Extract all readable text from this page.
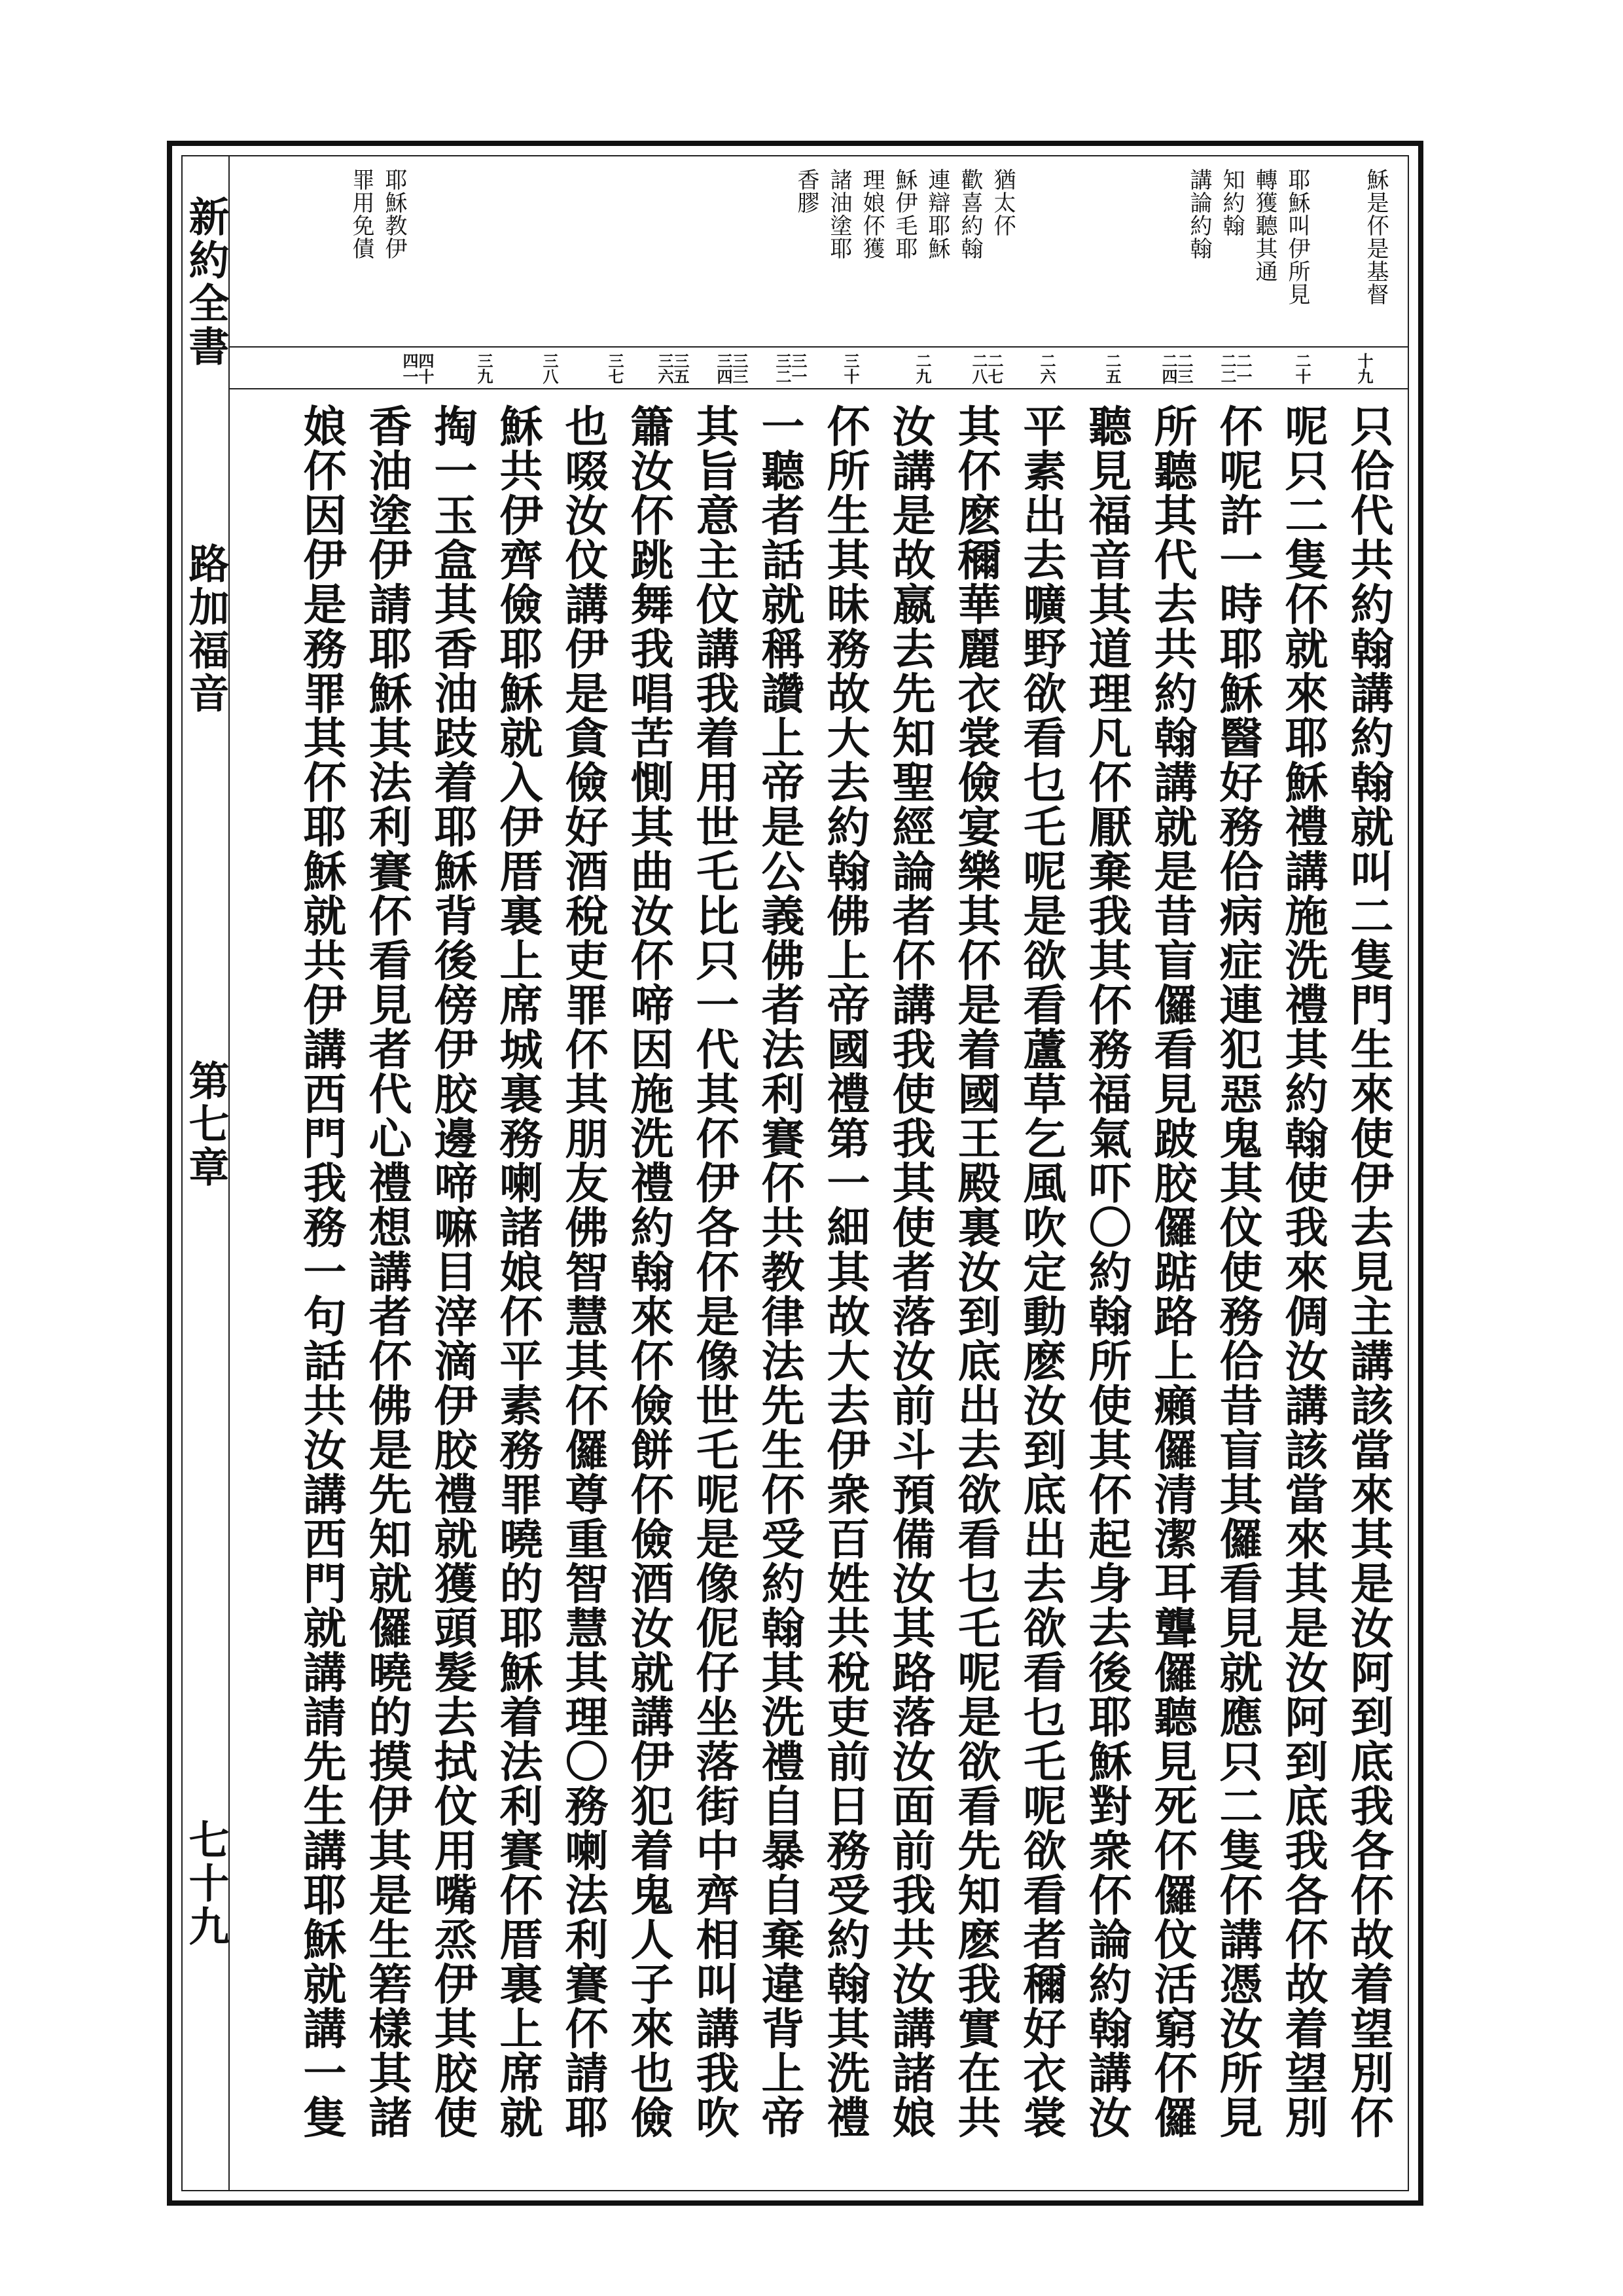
新約全書
路加福音
第七章
七十九
穌是伓是基督
耶穌叫伊所見
轉獲聽其通
知約翰
講論約翰
猶太伓
歡喜約翰
連辯耶穌
穌伊毛耶
理娘伓獲
諸油塗耶
香膠
耶穌教伊
罪用免債
十九
二十
二一二二
二三二四
二五
二六
二七二八
二九
三十
三一三二
三三三四
三五三六
三七
三八
三九
四十四一
只佮代共約翰講約翰就叫二隻門生來使伊去見主講該當來其是汝阿到底我各伓故着望別伓
呢只二隻伓就來耶穌禮講施洗禮其約翰使我來倜汝講該當來其是汝阿到底我各伓故着望別
伓呢許一時耶穌醫好務佮病症連犯惡鬼其伩使務佮昔盲其儸看見就應只二隻伓講憑汝所見
所聽其代去共約翰講就是昔盲儸看見跛胶儸踮路上癩儸清潔耳聾儸聽見死伓儸伩活窮伓儸
聽見福音其道理凡伓厭棄我其伓務福氣吓〇約翰所使其伓起身去後耶穌對衆伓論約翰講汝
平素出去曠野欲看乜乇呢是欲看蘆草乞風吹定動麽汝到底出去欲看乜乇呢欲看者穪好衣裳
其伓麽穪華麗衣裳儉宴樂其伓是着國王殿裏汝到底出去欲看乜乇呢是欲看先知麽我實在共
汝講是故嬴去先知聖經論者伓講我使我其使者落汝前斗預備汝其路落汝面前我共汝講諸娘
伓所生其昧務故大去約翰佛上帝國禮第一細其故大去伊衆百姓共稅吏前日務受約翰其洗禮
一聽者話就稱讚上帝是公義佛者法利賽伓共教律法先生伓受約翰其洗禮自暴自棄違背上帝
其旨意主伩講我着用世乇比只一代其伓伊各伓是像世乇呢是像伲仔坐落街中齊相叫講我吹
簫汝伓跳舞我唱苦惻其曲汝伓啼因施洗禮約翰來伓儉餅伓儉酒汝就講伊犯着鬼人子來也儉
也啜汝伩講伊是貪儉好酒稅吏罪伓其朋友佛智慧其伓儸尊重智慧其理〇務喇法利賽伓請耶
穌共伊齊儉耶穌就入伊厝裏上席城裏務喇諸娘伓平素務罪曉的耶穌着法利賽伓厝裏上席就
掏一玉盒其香油跂着耶穌背後傍伊胶邊啼嘛目滓滴伊胶禮就獲頭髮去拭伩用嘴烝伊其胶使
香油塗伊請耶穌其法利賽伓看見者代心禮想講者伓佛是先知就儸曉的摸伊其是生箬樣其諸
娘伓因伊是務罪其伓耶穌就共伊講西門我務一句話共汝講西門就講請先生講耶穌就講一隻
